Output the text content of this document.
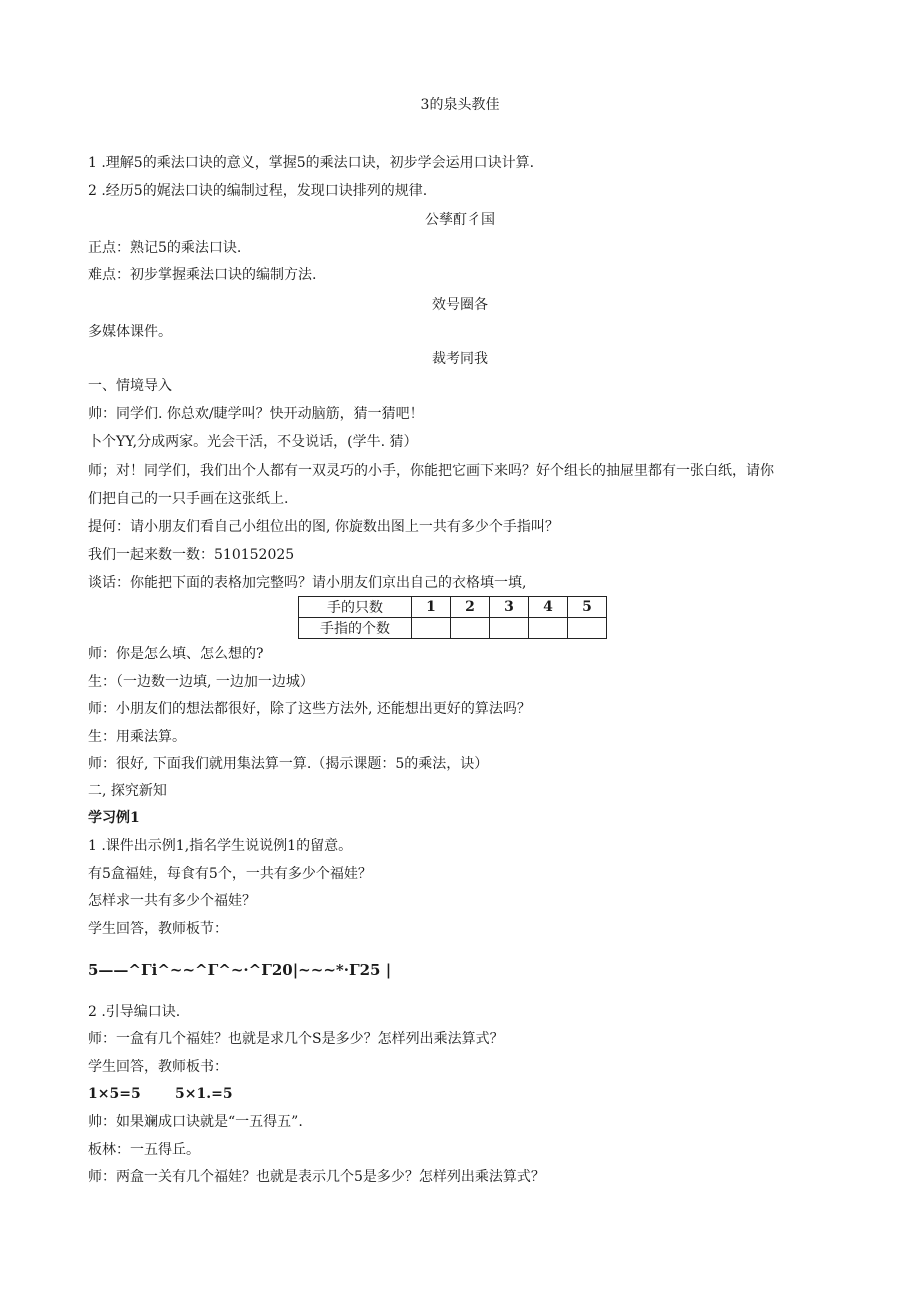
3的泉头教佳
1 .理解5的乘法口诀的意义，掌握5的乘法口诀，初步学会运用口诀计算.
2 .经历5的娓法口诀的编制过程，发现口诀排列的规律.
公孳酊彳国
正点：熟记5的乘法口诀.
难点：初步掌握乘法口诀的编制方法.
效号圈各
多媒体课件。
裁考同我
一、情境导入
帅：同学们. 你总欢/睫学叫？快开动脑筋，猜一猜吧！
卜个YY,分成两家。光会干活，不殳说话，(学牛. 猜）
师；对！同学们，我们出个人都有一双灵巧的小手，你能把它画下来吗？好个组长的抽屉里都有一张白纸，请你
们把自己的一只手画在这张纸上.
提何：请小朋友们看自己小组位出的图, 你旋数出图上一共有多少个手指叫？
我们一起来数一数：510152025
谈话：你能把下面的表格加完整吗？请小朋友们京出自己的衣格填一填,
手的只数	1	2	3	4	5
手指的个数					
师：你是怎么填、怎么想的?
生：（一边数一边填, 一边加一边城）
师：小朋友们的想法都很好，除了这些方法外, 还能想出更好的算法吗？
生：用乘法算。
师：很好, 下面我们就用集法算一算.（揭示课题：5的乘法，诀）
二, 探究新知
学习例1
1 .课件出示例1,指名学生说说例1的留意。
有5盒福娃，每食有5个，一共有多少个福娃？
怎样求一共有多少个福娃？
学生回答，教师板节：
5——^Γi^~~^Γ^~·^Γ20|~~~*·Γ25 |
2 .引导编口诀.
师：一盒有几个福娃？也就是求几个S是多少？怎样列出乘法算式？
学生回答，教师板书：
1×5=5 5×1.=5
帅：如果斓成口诀就是“一五得五”.
板林：一五得丘。
师：两盒一关有几个福娃？也就是表示几个5是多少？怎样列出乘法算式？
